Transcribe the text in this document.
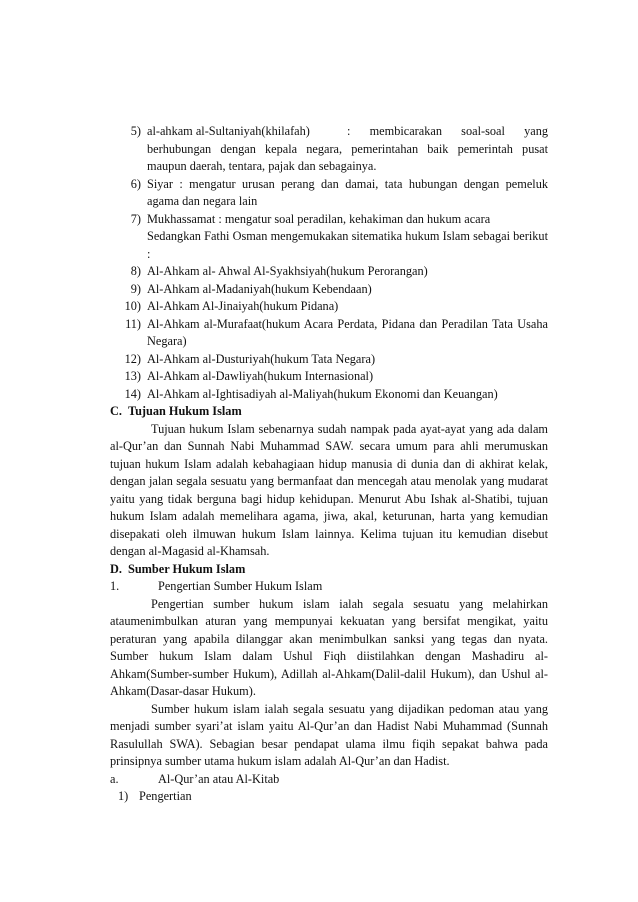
5) al-ahkam al-Sultaniyah(khilafah)	: membicarakan soal-soal yang berhubungan dengan kepala negara, pemerintahan baik pemerintah pusat maupun daerah, tentara, pajak dan sebagainya.

6) Siyar : mengatur urusan perang dan damai, tata hubungan dengan pemeluk agama dan negara lain

7) Mukhassamat : mengatur soal peradilan, kehakiman dan hukum acara

Sedangkan Fathi Osman mengemukakan sitematika hukum Islam sebagai berikut :

8) Al-Ahkam al- Ahwal Al-Syakhsiyah(hukum Perorangan)

9) Al-Ahkam al-Madaniyah(hukum Kebendaan)

10) Al-Ahkam Al-Jinaiyah(hukum Pidana)

11) Al-Ahkam al-Murafaat(hukum Acara Perdata, Pidana dan Peradilan Tata Usaha Negara)

12) Al-Ahkam al-Dusturiyah(hukum Tata Negara)

13) Al-Ahkam al-Dawliyah(hukum Internasional)

14) Al-Ahkam al-Ightisadiyah al-Maliyah(hukum Ekonomi dan Keuangan)

C. Tujuan Hukum Islam

Tujuan hukum Islam sebenarnya sudah nampak pada ayat-ayat yang ada dalam al-Qur’an dan Sunnah Nabi Muhammad SAW. secara umum para ahli merumuskan tujuan hukum Islam adalah kebahagiaan hidup manusia di dunia dan di akhirat kelak, dengan jalan segala sesuatu yang bermanfaat dan mencegah atau menolak yang mudarat yaitu yang tidak berguna bagi hidup kehidupan. Menurut Abu Ishak al-Shatibi, tujuan hukum Islam adalah memelihara agama, jiwa, akal, keturunan, harta yang kemudian disepakati oleh ilmuwan hukum Islam lainnya. Kelima tujuan itu kemudian disebut dengan al-Magasid al-Khamsah.

D. Sumber Hukum Islam
1.	Pengertian Sumber Hukum Islam

Pengertian sumber hukum islam ialah segala sesuatu yang melahirkan ataumenimbulkan aturan yang mempunyai kekuatan yang bersifat mengikat, yaitu peraturan yang apabila dilanggar akan menimbulkan sanksi yang tegas dan nyata. Sumber hukum Islam dalam Ushul Fiqh diistilahkan dengan Mashadiru al-Ahkam(Sumber-sumber Hukum), Adillah al-Ahkam(Dalil-dalil Hukum), dan Ushul al-Ahkam(Dasar-dasar Hukum).

Sumber hukum islam ialah segala sesuatu yang dijadikan pedoman atau yang menjadi sumber syari’at islam yaitu Al-Qur’an dan Hadist Nabi Muhammad (Sunnah Rasulullah SWA). Sebagian besar pendapat ulama ilmu fiqih sepakat bahwa pada prinsipnya sumber utama hukum islam adalah Al-Qur’an dan Hadist.

a.	Al-Qur’an atau Al-Kitab
1) Pengertian
